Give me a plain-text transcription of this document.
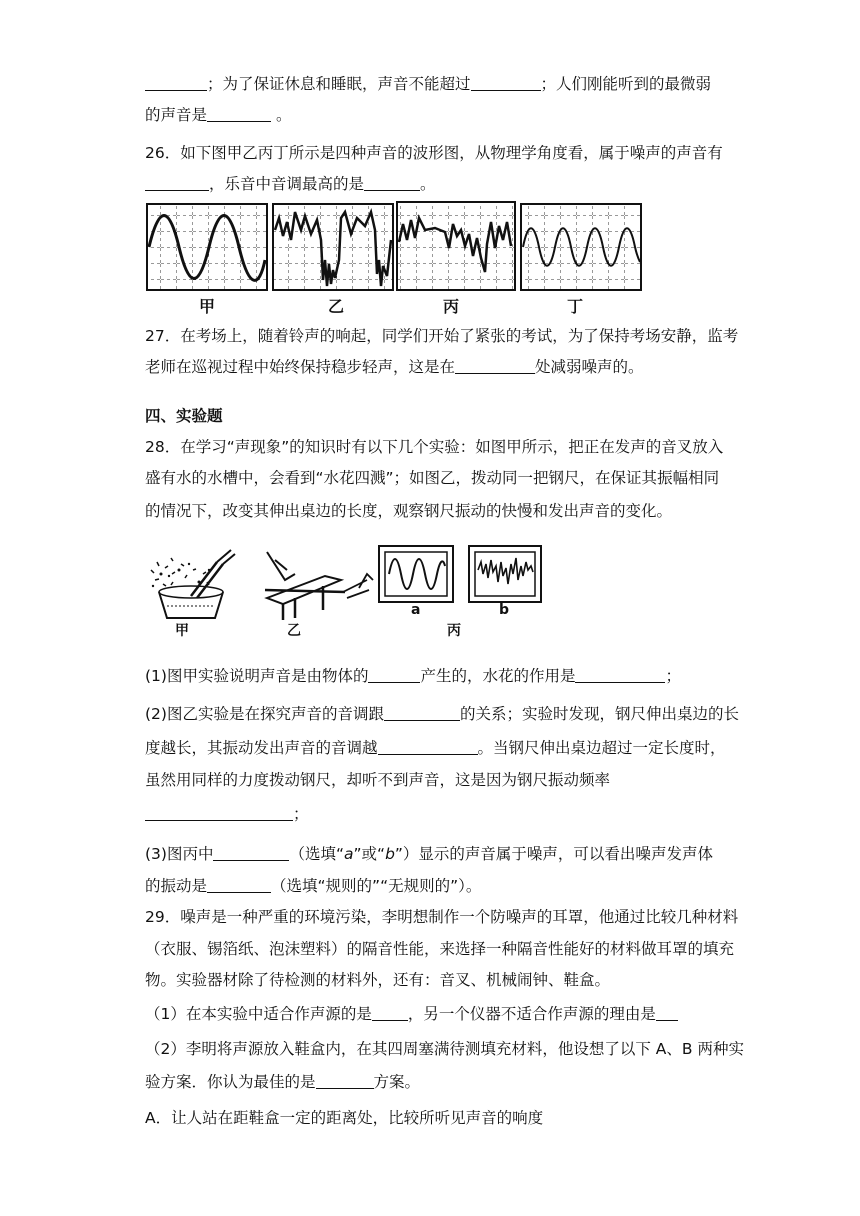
；为了保证休息和睡眠，声音不能超过	；人们刚能听到的最微弱
的声音是	。
26．如下图甲乙丙丁所示是四种声音的波形图，从物理学角度看，属于噪声的声音有
，乐音中音调最高的是	。
甲	乙	丙	丁
27．在考场上，随着铃声的响起，同学们开始了紧张的考试，为了保持考场安静，监考
老师在巡视过程中始终保持稳步轻声，这是在	处减弱噪声的。
四、实验题
28．在学习“声现象”的知识时有以下几个实验：如图甲所示，把正在发声的音叉放入
盛有水的水槽中，会看到“水花四溅”；如图乙，拨动同一把钢尺，在保证其振幅相同
的情况下，改变其伸出桌边的长度，观察钢尺振动的快慢和发出声音的变化。
甲	乙
a	b
丙
(1)图甲实验说明声音是由物体的	产生的，水花的作用是	；
(2)图乙实验是在探究声音的音调跟	的关系；实验时发现，钢尺伸出桌边的长
度越长，其振动发出声音的音调越	。当钢尺伸出桌边超过一定长度时，
虽然用同样的力度拨动钢尺，却听不到声音，这是因为钢尺振动频率
；
(3)图丙中	（选填“a”或“b”）显示的声音属于噪声，可以看出噪声发声体
的振动是	（选填“规则的”“无规则的”）。
29．噪声是一种严重的环境污染，李明想制作一个防噪声的耳罩，他通过比较几种材料
（衣服、锡箔纸、泡沫塑料）的隔音性能，来选择一种隔音性能好的材料做耳罩的填充
物。实验器材除了待检测的材料外，还有：音叉、机械闹钟、鞋盒。
（1）在本实验中适合作声源的是 ，另一个仪器不适合作声源的理由是
（2）李明将声源放入鞋盒内，在其四周塞满待测填充材料，他设想了以下 A、B 两种实
验方案．你认为最佳的是	方案。
A．让人站在距鞋盒一定的距离处，比较所听见声音的响度
